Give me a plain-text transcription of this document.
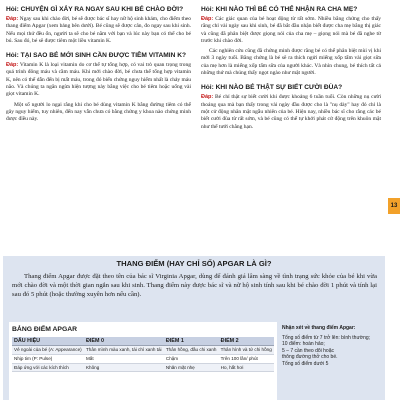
Hỏi: CHUYỆN GÌ XẢY RA NGAY SAU KHI BÉ CHÀO ĐỜI?
Đáp: Ngay sau khi chào đời, bé sẽ được bác sĩ hay nữ hộ sinh khám, cho điểm theo thang điểm Apgar (xem bảng bên dưới). Bé cũng sẽ được cân, đo ngay sau khi sinh. Nếu mọi thứ đều ổn, người ta sẽ cho bé nằm với bạn và lúc này bạn có thể cho bé bú. Sau đó, bé sẽ được tiêm một liều vitamin K.
Hỏi: TẠI SAO BÉ MỚI SINH CẦN ĐƯỢC TIÊM VITAMIN K?
Đáp: Vitamin K là loại vitamin do cơ thể tự tổng hợp, có vai trò quan trọng trong quá trình đông máu và cầm máu. Khi mới chào đời, bé chưa thể tổng hợp vitamin K, nên có thể dẫn đến bị mất máu, trong đó biến chứng nguy hiểm nhất là chảy máu não. Và chúng ta ngăn ngừa hiện tượng này bằng việc cho bé tiêm hoặc uống vài giọt vitamin K.
Một số người lo ngại rằng khi cho bé dùng vitamin K bằng đường tiêm có thể gây nguy hiểm, tuy nhiên, đến nay vẫn chưa có bằng chứng y khoa nào chứng minh được điều này.
Hỏi: KHI NÀO THÌ BÉ CÓ THỂ NHẬN RA CHA MẸ?
Đáp: Các giác quan của bé hoạt động từ rất sớm. Nhiều bằng chứng cho thấy rằng chỉ vài ngày sau khi sinh, bé đã bắt đầu nhận biết được cha mẹ bằng thị giác và cũng đã phân biệt được giọng nói của cha mẹ – giọng nói mà bé đã nghe từ trước khi chào đời.
Các nghiên cứu cũng đã chứng minh được rằng bé có thể phân biệt mùi vị khi mới 3 ngày tuổi. Bằng chứng là bé sẽ ra thích ngửi miếng xốp tẩm vài giọt sữa của mẹ hơn là miếng xốp tẩm sữa của người khác. Và nhìn chung, bé thích tất cả những thứ mà chúng thấy ngọt ngào như mật người.
Hỏi: KHI NÀO BÉ THẬT SỰ BIẾT CƯỜI ĐÙA?
Đáp: Bé chỉ thật sự biết cười khi được khoảng 6 tuần tuổi. Còn những nụ cười thoáng qua mà bạn thấy trong vài ngày đầu được cho là "nụ dày" hay đó chỉ là một cử động nhăn mặt ngẫu nhiên của bé. Hiện nay, nhiều bác sĩ cho rằng các bé biết cười đùa từ rất sớm, và bé cũng có thể tự khởi phát cử động trên khuôn mặt như thể tưới chẳng hạn.
13
THANG ĐIỂM (HAY CHỈ SỐ) APGAR LÀ GÌ?
Thang điểm Apgar được đặt theo tên của bác sĩ Virginia Apgar, dùng để đánh giá lâm sàng về tình trạng sức khỏe của bé khi vừa mới chào đời và một thời gian ngắn sau khi sinh. Thang điểm này được bác sĩ và nữ hộ sinh tính sau khi bé chào đời 1 phút và tính lại sau đó 5 phút (hoặc thường xuyên hơn nếu cần).
BẢNG ĐIỂM APGAR
DẤU HIỆU	ĐIỂM 0	ĐIỂM 1	ĐIỂM 2
Vẻ ngoài của bé (A: Appearance)	Thân mình màu xanh, tái chì xanh tái	Thân hồng, đầu chi xanh	Thân hình và tứ chi hồng
Nhịp tim (P: Pulse)	Mất	Chậm	Trên 100 lần/ phút
Đáp ứng với các kích thích	Không	Nhăn mặt nhẹ	Ho, hắt hơi
Nhận xét về thang điểm Apgar:
Tổng số điểm từ 7 trở lên: bình thường;
10 điểm: hoàn hảo;
5 – 7 cần theo dõi hoặc
thông đường thở cho bé.
Tổng số điểm dưới 5
